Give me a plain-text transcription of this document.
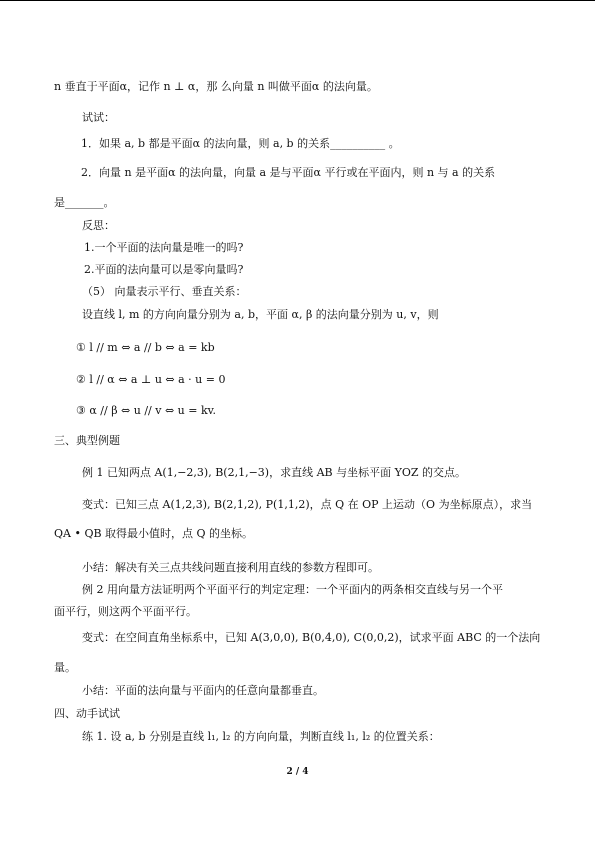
n 垂直于平面α，记作 n ⊥ α，那 么向量 n 叫做平面α 的法向量。
试试：
1．如果 a, b 都是平面α 的法向量，则 a, b 的关系__________ 。
2．向量 n 是平面α 的法向量，向量 a 是与平面α 平行或在平面内，则 n 与 a 的关系
是_______。
反思：
1.一个平面的法向量是唯一的吗?
2.平面的法向量可以是零向量吗?
（5） 向量表示平行、垂直关系：
设直线 l, m 的方向向量分别为 a, b，平面 α, β 的法向量分别为 u, v，则
① l // m ⇔ a // b ⇔ a = kb
② l // α ⇔ a ⊥ u ⇔ a · u = 0
③ α // β ⇔ u // v ⇔ u = kv.
三、典型例题
例 1 已知两点 A(1,−2,3), B(2,1,−3)，求直线 AB 与坐标平面 YOZ 的交点。
变式：已知三点 A(1,2,3), B(2,1,2), P(1,1,2)，点 Q 在 OP 上运动（O 为坐标原点），求当
QA • QB 取得最小值时，点 Q 的坐标。
小结：解决有关三点共线问题直接利用直线的参数方程即可。
例 2 用向量方法证明两个平面平行的判定定理：一个平面内的两条相交直线与另一个平
面平行，则这两个平面平行。
变式：在空间直角坐标系中，已知 A(3,0,0), B(0,4,0), C(0,0,2)，试求平面 ABC 的一个法向
量。
小结：平面的法向量与平面内的任意向量都垂直。
四、动手试试
练 1. 设 a, b 分别是直线 l₁, l₂ 的方向向量，判断直线 l₁, l₂ 的位置关系：
2 / 4
